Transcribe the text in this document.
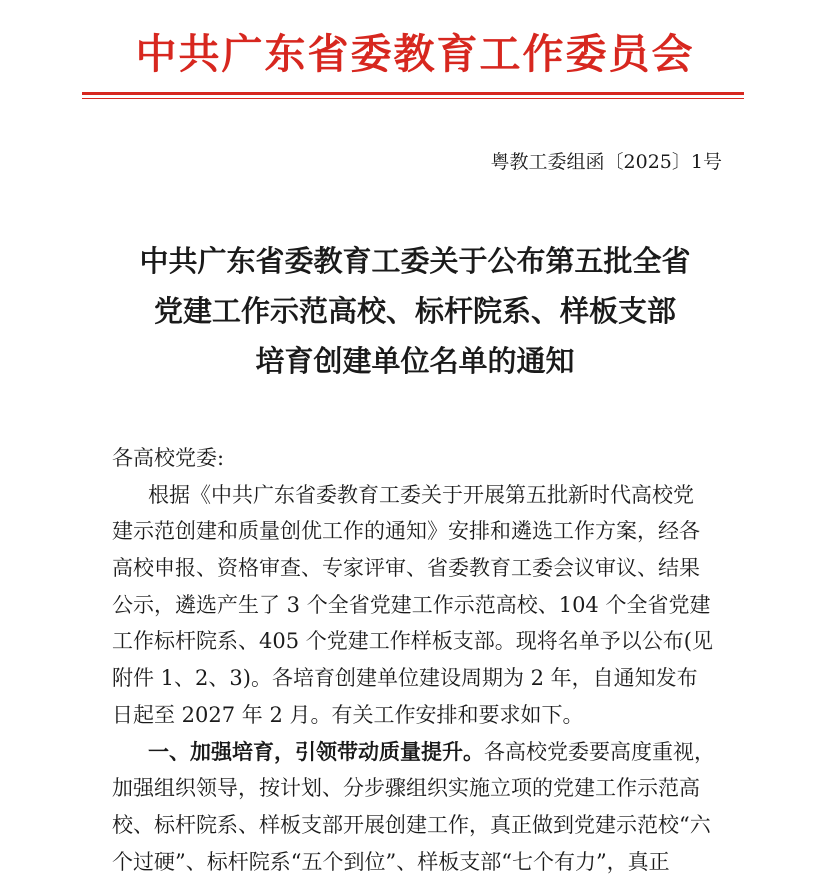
中共广东省委教育工作委员会
粤教工委组函〔2025〕1号
中共广东省委教育工委关于公布第五批全省
党建工作示范高校、标杆院系、样板支部
培育创建单位名单的通知
各高校党委:
根据《中共广东省委教育工委关于开展第五批新时代高校党
建示范创建和质量创优工作的通知》安排和遴选工作方案，经各
高校申报、资格审查、专家评审、省委教育工委会议审议、结果
公示，遴选产生了 3 个全省党建工作示范高校、104 个全省党建
工作标杆院系、405 个党建工作样板支部。现将名单予以公布(见
附件 1、2、3)。各培育创建单位建设周期为 2 年，自通知发布
日起至 2027 年 2 月。有关工作安排和要求如下。
一、加强培育，引领带动质量提升。各高校党委要高度重视，
加强组织领导，按计划、分步骤组织实施立项的党建工作示范高
校、标杆院系、样板支部开展创建工作，真正做到党建示范校“六
个过硬”、标杆院系“五个到位”、样板支部“七个有力”，真正
